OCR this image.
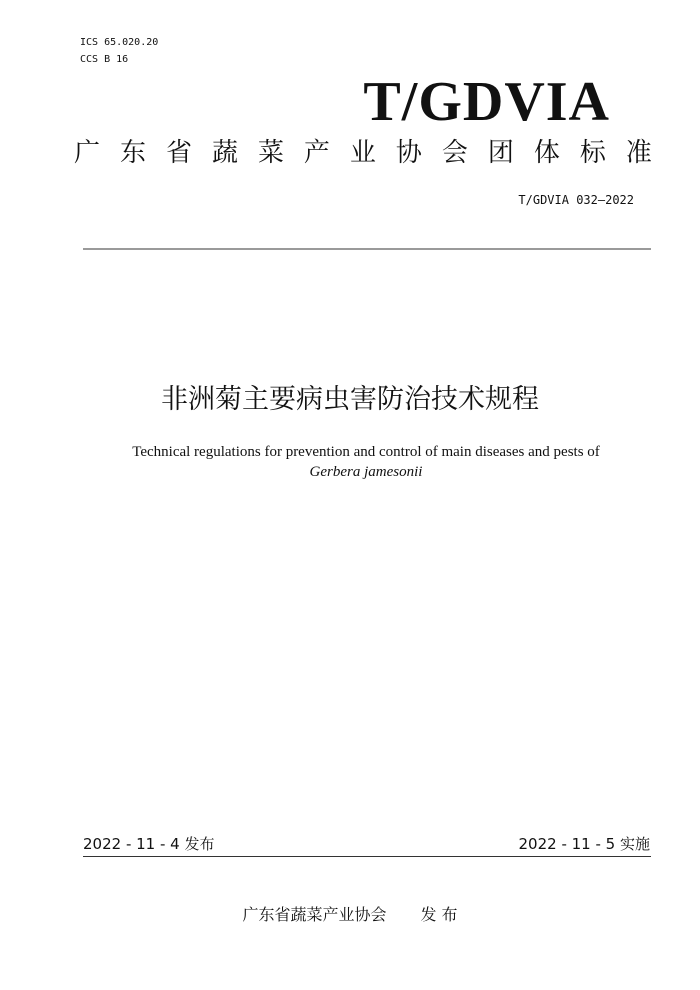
ICS 65.020.20
CCS B 16
T/GDVIA
广 东 省 蔬 菜 产 业 协 会 团 体 标 准
T/GDVIA 032—2022
非洲菊主要病虫害防治技术规程
Technical regulations for prevention and control of main diseases and pests of
Gerbera jamesonii
2022 - 11 - 4 发布	2022 - 11 - 5 实施
广东省蔬菜产业协会 发 布
